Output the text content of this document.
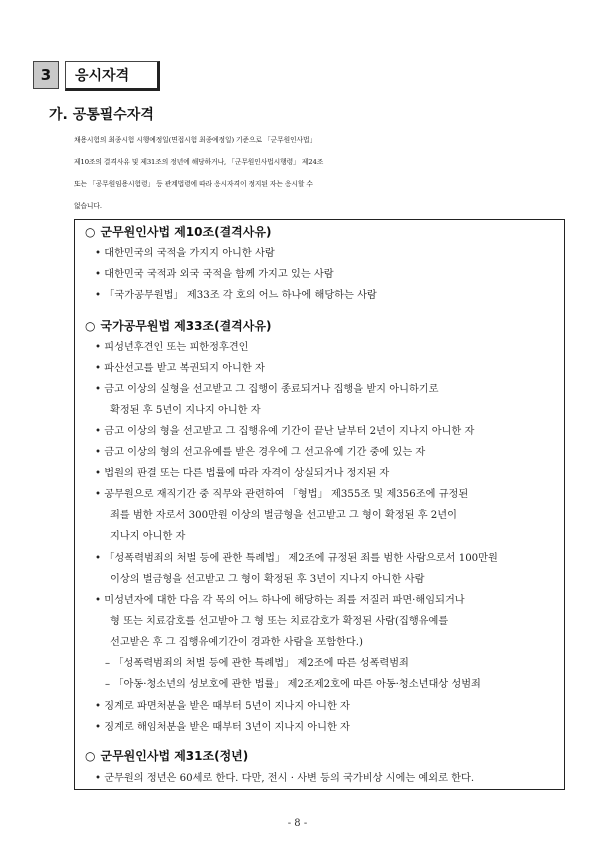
3	응시자격
가. 공통필수자격
채용시험의 최종시험 시행예정일(면접시험 최종예정일) 기준으로 「군무원인사법」
제10조의 결격사유 및 제31조의 정년에 해당하거나, 「군무원인사법시행령」 제24조
또는 「공무원임용시험령」 등 관계법령에 따라 응시자격이 정지된 자는 응시할 수
없습니다.
○ 군무원인사법 제10조(결격사유)
• 대한민국의 국적을 가지지 아니한 사람
• 대한민국 국적과 외국 국적을 함께 가지고 있는 사람
• 「국가공무원법」 제33조 각 호의 어느 하나에 해당하는 사람
○ 국가공무원법 제33조(결격사유)
• 피성년후견인 또는 피한정후견인
• 파산선고를 받고 복권되지 아니한 자
• 금고 이상의 실형을 선고받고 그 집행이 종료되거나 집행을 받지 아니하기로
확정된 후 5년이 지나지 아니한 자
• 금고 이상의 형을 선고받고 그 집행유예 기간이 끝난 날부터 2년이 지나지 아니한 자
• 금고 이상의 형의 선고유예를 받은 경우에 그 선고유예 기간 중에 있는 자
• 법원의 판결 또는 다른 법률에 따라 자격이 상실되거나 정지된 자
• 공무원으로 재직기간 중 직무와 관련하여 「형법」 제355조 및 제356조에 규정된
죄를 범한 자로서 300만원 이상의 벌금형을 선고받고 그 형이 확정된 후 2년이
지나지 아니한 자
• 「성폭력범죄의 처벌 등에 관한 특례법」 제2조에 규정된 죄를 범한 사람으로서 100만원
이상의 벌금형을 선고받고 그 형이 확정된 후 3년이 지나지 아니한 사람
• 미성년자에 대한 다음 각 목의 어느 하나에 해당하는 죄를 저질러 파면·해임되거나
형 또는 치료감호를 선고받아 그 형 또는 치료감호가 확정된 사람(집행유예를
선고받은 후 그 집행유예기간이 경과한 사람을 포함한다.)
– 「성폭력범죄의 처벌 등에 관한 특례법」 제2조에 따른 성폭력범죄
– 「아동·청소년의 성보호에 관한 법률」 제2조제2호에 따른 아동·청소년대상 성범죄
• 징계로 파면처분을 받은 때부터 5년이 지나지 아니한 자
• 징계로 해임처분을 받은 때부터 3년이 지나지 아니한 자
○ 군무원인사법 제31조(정년)
• 군무원의 정년은 60세로 한다. 다만, 전시 · 사변 등의 국가비상 시에는 예외로 한다.
- 8 -
